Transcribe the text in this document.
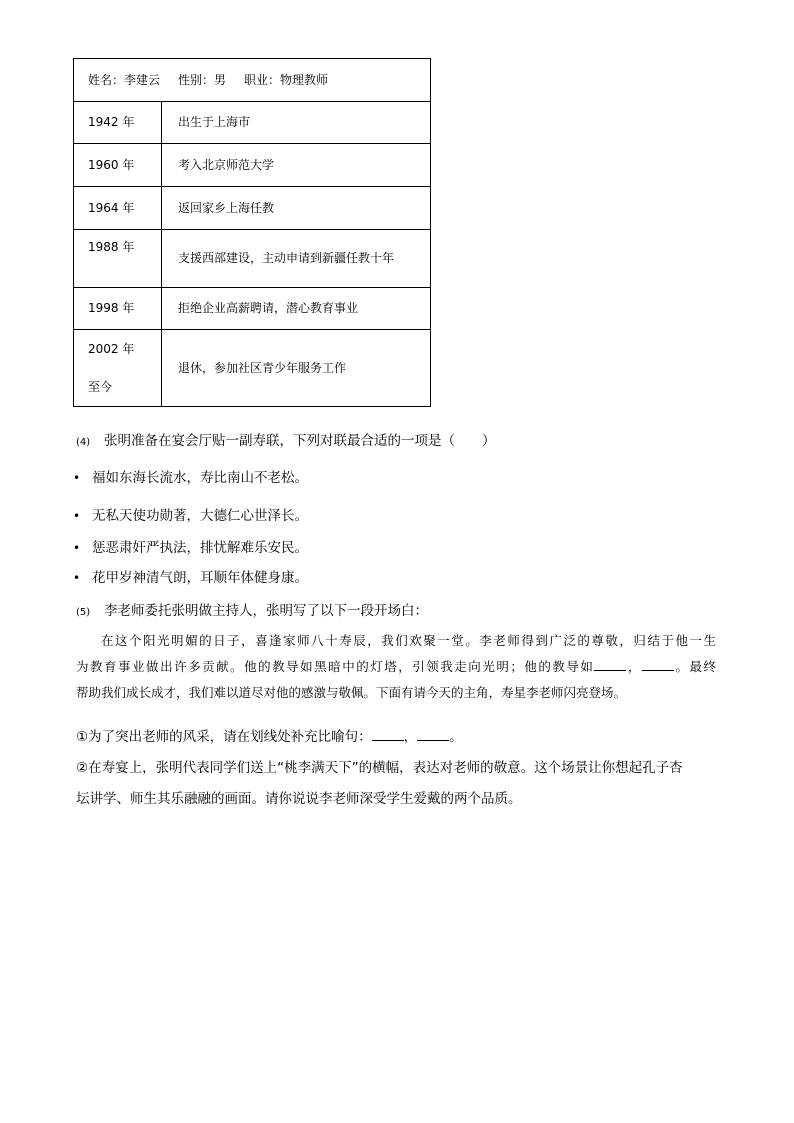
姓名：李建云 性别：男 职业：物理教师	
1942 年	出生于上海市
1960 年	考入北京师范大学
1964 年	返回家乡上海任教
1988 年	支援西部建设，主动申请到新疆任教十年
1998 年	拒绝企业高薪聘请，潜心教育事业

2002 年
至今	退休，参加社区青少年服务工作
(4) 张明准备在宴会厅贴一副寿联，下列对联最合适的一项是（　　）
• 福如东海长流水，寿比南山不老松。
• 无私天使功勋著，大德仁心世泽长。
• 惩恶肃奸严执法，排忧解难乐安民。
• 花甲岁神清气朗，耳顺年体健身康。
(5) 李老师委托张明做主持人，张明写了以下一段开场白：

在这个阳光明媚的日子，喜逢家师八十寿辰，我们欢聚一堂。李老师得到广泛的尊敬，归结于他一生

为教育事业做出许多贡献。他的教导如黑暗中的灯塔，引领我走向光明；他的教导如	，	。最终

帮助我们成长成才，我们难以道尽对他的感激与敬佩。下面有请今天的主角，寿星李老师闪亮登场。

①为了突出老师的风采，请在划线处补充比喻句： ， 。

②在寿宴上，张明代表同学们送上“桃李满天下”的横幅，表达对老师的敬意。这个场景让你想起孔子杏

坛讲学、师生其乐融融的画面。请你说说李老师深受学生爱戴的两个品质。
